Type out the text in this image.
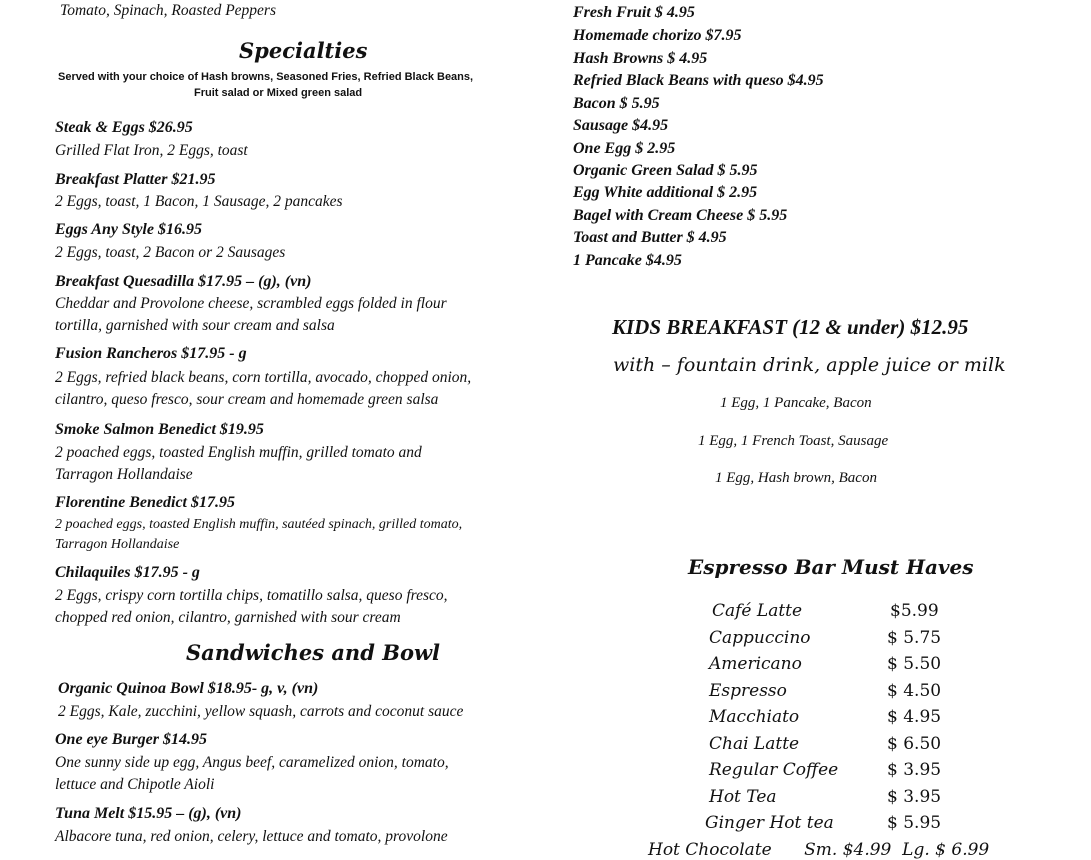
Tomato, Spinach, Roasted Peppers
Specialties
Served with your choice of Hash browns, Seasoned Fries, Refried Black Beans,
Fruit salad or Mixed green salad
Steak & Eggs $26.95
Grilled Flat Iron, 2 Eggs, toast
Breakfast Platter $21.95
2 Eggs, toast, 1 Bacon, 1 Sausage, 2 pancakes
Eggs Any Style $16.95
2 Eggs, toast, 2 Bacon or 2 Sausages
Breakfast Quesadilla $17.95 – (g), (vn)
Cheddar and Provolone cheese, scrambled eggs folded in flour
tortilla, garnished with sour cream and salsa
Fusion Rancheros $17.95 - g
2 Eggs, refried black beans, corn tortilla, avocado, chopped onion,
cilantro, queso fresco, sour cream and homemade green salsa
Smoke Salmon Benedict $19.95
2 poached eggs, toasted English muffin, grilled tomato and
Tarragon Hollandaise
Florentine Benedict $17.95
2 poached eggs, toasted English muffin, sautéed spinach, grilled tomato,
Tarragon Hollandaise
Chilaquiles $17.95 - g
2 Eggs, crispy corn tortilla chips, tomatillo salsa, queso fresco,
chopped red onion, cilantro, garnished with sour cream
Sandwiches and Bowl
Organic Quinoa Bowl $18.95- g, v, (vn)
2 Eggs, Kale, zucchini, yellow squash, carrots and coconut sauce
One eye Burger $14.95
One sunny side up egg, Angus beef, caramelized onion, tomato,
lettuce and Chipotle Aioli
Tuna Melt $15.95 – (g), (vn)
Albacore tuna, red onion, celery, lettuce and tomato, provolone
Fresh Fruit $ 4.95
Homemade chorizo $7.95
Hash Browns $ 4.95
Refried Black Beans with queso $4.95
Bacon $ 5.95
Sausage $4.95
One Egg $ 2.95
Organic Green Salad $ 5.95
Egg White additional $ 2.95
Bagel with Cream Cheese $ 5.95
Toast and Butter $ 4.95
1 Pancake $4.95
KIDS BREAKFAST (12 & under) $12.95
with – fountain drink, apple juice or milk
1 Egg, 1 Pancake, Bacon
1 Egg, 1 French Toast, Sausage
1 Egg, Hash brown, Bacon
Espresso Bar Must Haves
Café Latte	$5.99
Cappuccino	$ 5.75
Americano	$ 5.50
Espresso	$ 4.50
Macchiato	$ 4.95
Chai Latte	$ 6.50
Regular Coffee	$ 3.95
Hot Tea	$ 3.95
Ginger Hot tea	$ 5.95
Hot Chocolate      Sm. $4.99  Lg. $ 6.99
